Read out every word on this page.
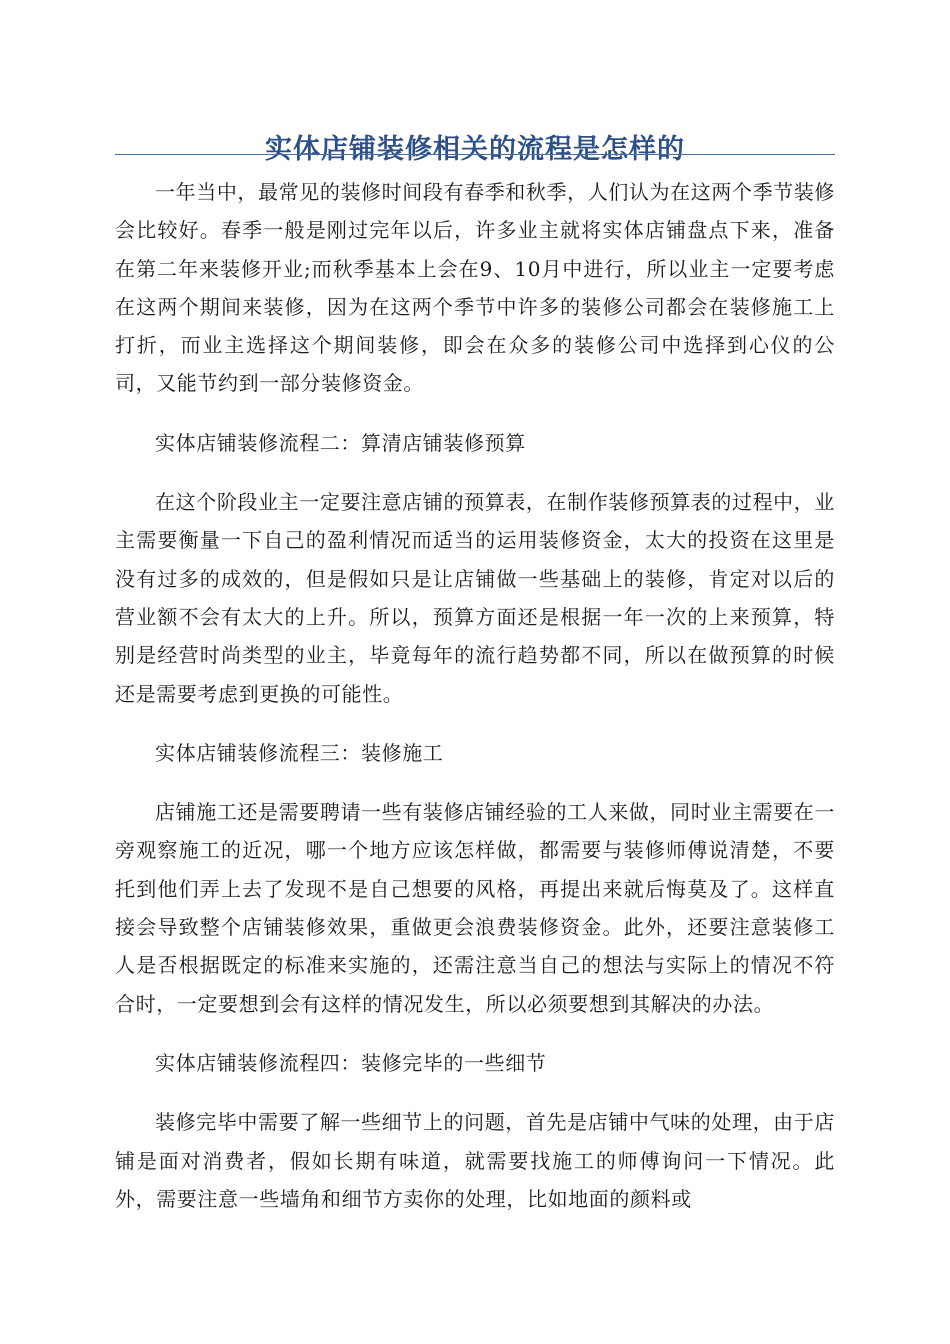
实体店铺装修相关的流程是怎样的

一年当中，最常见的装修时间段有春季和秋季，人们认为在这两个季节装修会比较好。春季一般是刚过完年以后，许多业主就将实体店铺盘点下来，准备在第二年来装修开业;而秋季基本上会在9、10月中进行，所以业主一定要考虑在这两个期间来装修，因为在这两个季节中许多的装修公司都会在装修施工上打折，而业主选择这个期间装修，即会在众多的装修公司中选择到心仪的公司，又能节约到一部分装修资金。

实体店铺装修流程二：算清店铺装修预算

在这个阶段业主一定要注意店铺的预算表，在制作装修预算表的过程中，业主需要衡量一下自己的盈利情况而适当的运用装修资金，太大的投资在这里是没有过多的成效的，但是假如只是让店铺做一些基础上的装修，肯定对以后的营业额不会有太大的上升。所以，预算方面还是根据一年一次的上来预算，特别是经营时尚类型的业主，毕竟每年的流行趋势都不同，所以在做预算的时候还是需要考虑到更换的可能性。

实体店铺装修流程三：装修施工

店铺施工还是需要聘请一些有装修店铺经验的工人来做，同时业主需要在一旁观察施工的近况，哪一个地方应该怎样做，都需要与装修师傅说清楚，不要托到他们弄上去了发现不是自己想要的风格，再提出来就后悔莫及了。这样直接会导致整个店铺装修效果，重做更会浪费装修资金。此外，还要注意装修工人是否根据既定的标准来实施的，还需注意当自己的想法与实际上的情况不符合时，一定要想到会有这样的情况发生，所以必须要想到其解决的办法。

实体店铺装修流程四：装修完毕的一些细节

装修完毕中需要了解一些细节上的问题，首先是店铺中气味的处理，由于店铺是面对消费者，假如长期有味道，就需要找施工的师傅询问一下情况。此外，需要注意一些墙角和细节方卖你的处理，比如地面的颜料或
